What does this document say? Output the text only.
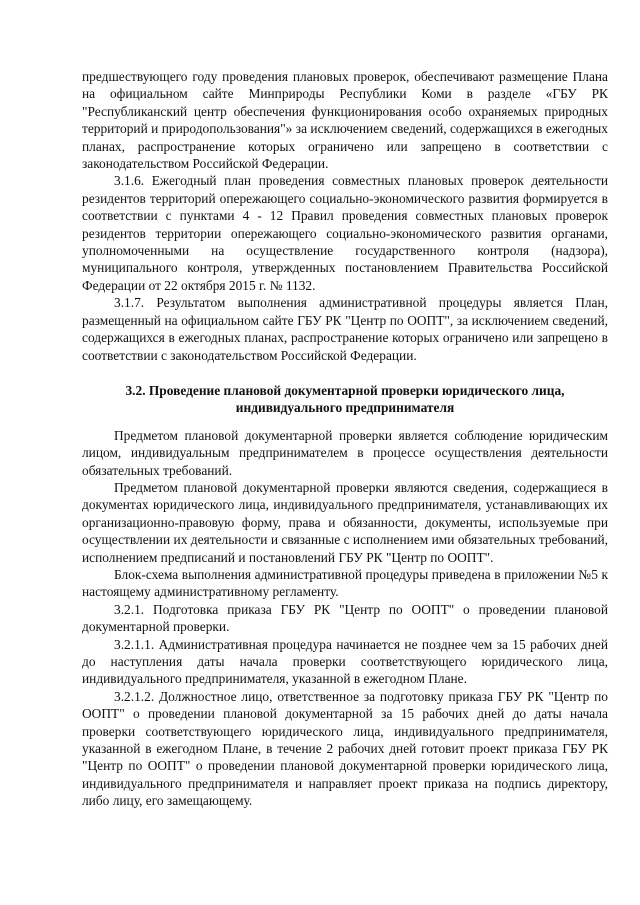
предшествующего году проведения плановых проверок, обеспечивают размещение Плана на официальном сайте Минприроды Республики Коми в разделе «ГБУ РК "Республиканский центр обеспечения функционирования особо охраняемых природных территорий и природопользования"» за исключением сведений, содержащихся в ежегодных планах, распространение которых ограничено или запрещено в соответствии с законодательством Российской Федерации.

3.1.6. Ежегодный план проведения совместных плановых проверок деятельности резидентов территорий опережающего социально-экономического развития формируется в соответствии с пунктами 4 - 12 Правил проведения совместных плановых проверок резидентов территории опережающего социально-экономического развития органами, уполномоченными на осуществление государственного контроля (надзора), муниципального контроля, утвержденных постановлением Правительства Российской Федерации от 22 октября 2015 г. № 1132.

3.1.7. Результатом выполнения административной процедуры является План, размещенный на официальном сайте ГБУ РК "Центр по ООПТ", за исключением сведений, содержащихся в ежегодных планах, распространение которых ограничено или запрещено в соответствии с законодательством Российской Федерации.

3.2. Проведение плановой документарной проверки юридического лица,
индивидуального предпринимателя

Предметом плановой документарной проверки является соблюдение юридическим лицом, индивидуальным предпринимателем в процессе осуществления деятельности обязательных требований.

Предметом плановой документарной проверки являются сведения, содержащиеся в документах юридического лица, индивидуального предпринимателя, устанавливающих их организационно-правовую форму, права и обязанности, документы, используемые при осуществлении их деятельности и связанные с исполнением ими обязательных требований, исполнением предписаний и постановлений ГБУ РК "Центр по ООПТ".

Блок-схема выполнения административной процедуры приведена в приложении №5 к настоящему административному регламенту.

3.2.1. Подготовка приказа ГБУ РК "Центр по ООПТ" о проведении плановой документарной проверки.

3.2.1.1. Административная процедура начинается не позднее чем за 15 рабочих дней до наступления даты начала проверки соответствующего юридического лица, индивидуального предпринимателя, указанной в ежегодном Плане.

3.2.1.2. Должностное лицо, ответственное за подготовку приказа ГБУ РК "Центр по ООПТ" о проведении плановой документарной за 15 рабочих дней до даты начала проверки соответствующего юридического лица, индивидуального предпринимателя, указанной в ежегодном Плане, в течение 2 рабочих дней готовит проект приказа ГБУ РК "Центр по ООПТ" о проведении плановой документарной проверки юридического лица, индивидуального предпринимателя и направляет проект приказа на подпись директору, либо лицу, его замещающему.
